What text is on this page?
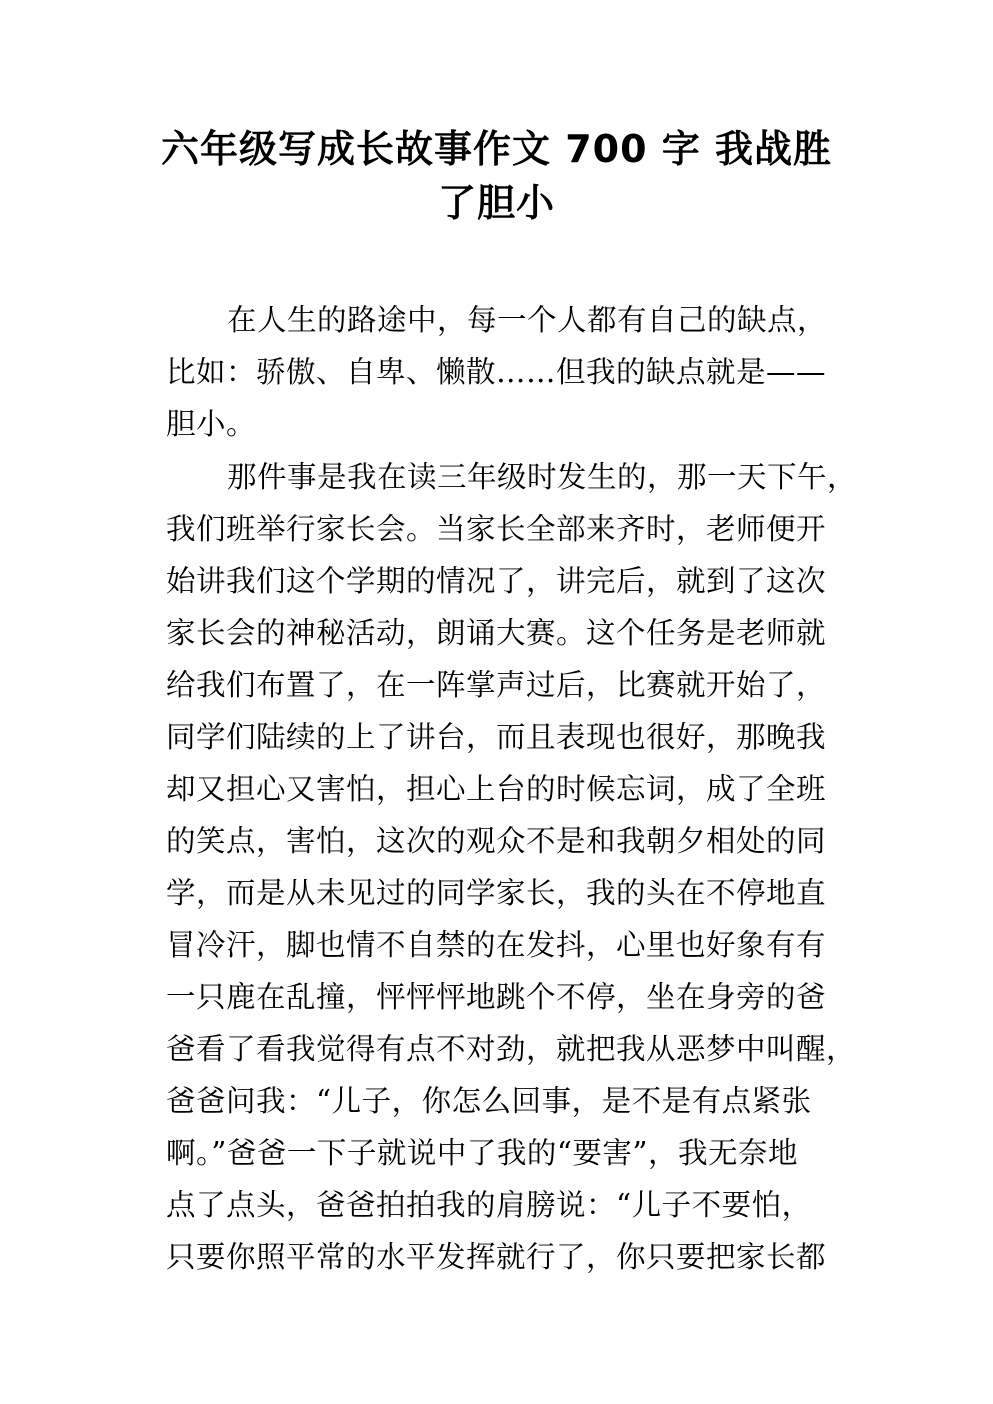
六年级写成长故事作文 700 字 我战胜
了胆小
在人生的路途中，每一个人都有自己的缺点，
比如：骄傲、自卑、懒散……但我的缺点就是——
胆小。
那件事是我在读三年级时发生的，那一天下午，
我们班举行家长会。当家长全部来齐时，老师便开
始讲我们这个学期的情况了，讲完后，就到了这次
家长会的神秘活动，朗诵大赛。这个任务是老师就
给我们布置了，在一阵掌声过后，比赛就开始了，
同学们陆续的上了讲台，而且表现也很好，那晚我
却又担心又害怕，担心上台的时候忘词，成了全班
的笑点，害怕，这次的观众不是和我朝夕相处的同
学，而是从未见过的同学家长，我的头在不停地直
冒冷汗，脚也情不自禁的在发抖，心里也好象有有
一只鹿在乱撞，怦怦怦地跳个不停，坐在身旁的爸
爸看了看我觉得有点不对劲，就把我从恶梦中叫醒，
爸爸问我：“儿子，你怎么回事，是不是有点紧张
啊。”爸爸一下子就说中了我的“要害”，我无奈地
点了点头，爸爸拍拍我的肩膀说：“儿子不要怕，
只要你照平常的水平发挥就行了，你只要把家长都
